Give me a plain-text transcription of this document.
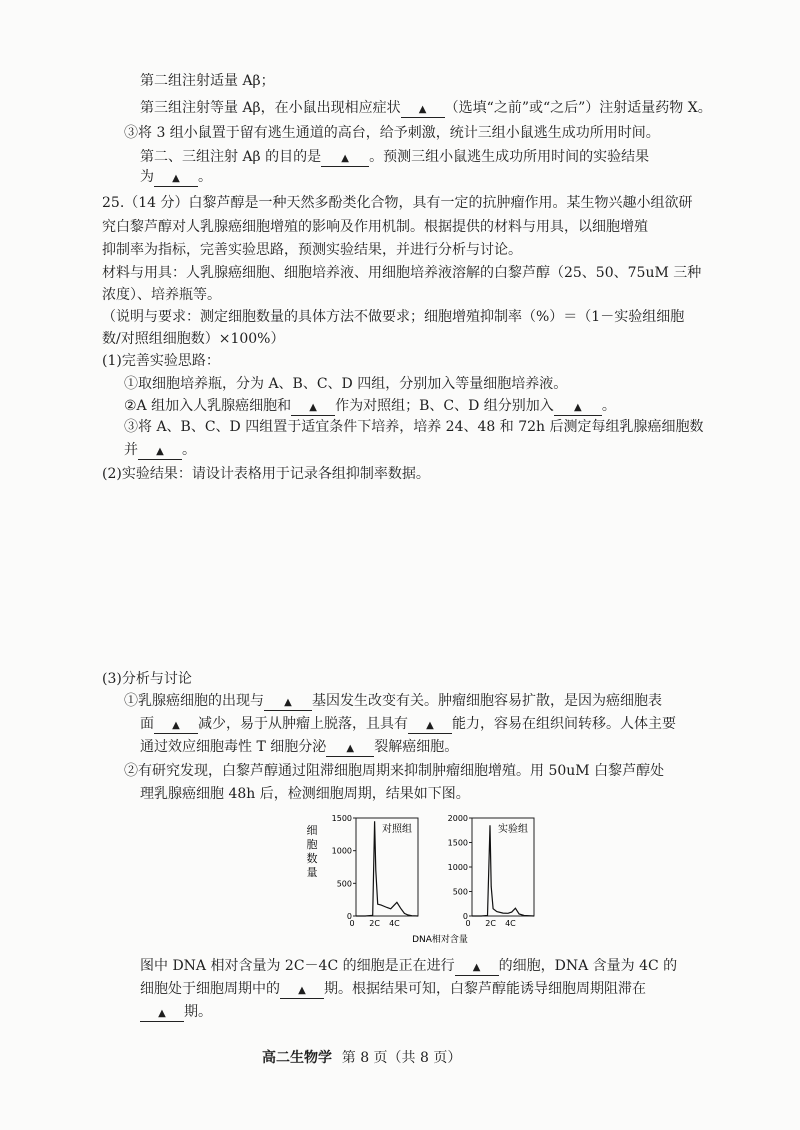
第二组注射适量 Aβ；
第三组注射等量 Aβ，在小鼠出现相应症状 ▲ （选填“之前”或“之后”）注射适量药物 X。
③将 3 组小鼠置于留有逃生通道的高台，给予刺激，统计三组小鼠逃生成功所用时间。
第二、三组注射 Aβ 的目的是 ▲ 。预测三组小鼠逃生成功所用时间的实验结果
为 ▲ 。
25.（14 分）白黎芦醇是一种天然多酚类化合物，具有一定的抗肿瘤作用。某生物兴趣小组欲研
究白黎芦醇对人乳腺癌细胞增殖的影响及作用机制。根据提供的材料与用具，以细胞增殖
抑制率为指标，完善实验思路，预测实验结果，并进行分析与讨论。
材料与用具：人乳腺癌细胞、细胞培养液、用细胞培养液溶解的白黎芦醇（25、50、75uM 三种
浓度）、培养瓶等。
（说明与要求：测定细胞数量的具体方法不做要求；细胞增殖抑制率（%）＝（1－实验组细胞
数/对照组细胞数）×100%）
(1)完善实验思路：
①取细胞培养瓶，分为 A、B、C、D 四组，分别加入等量细胞培养液。
②A 组加入人乳腺癌细胞和 ▲ 作为对照组；B、C、D 组分别加入 ▲ 。
③将 A、B、C、D 四组置于适宜条件下培养，培养 24、48 和 72h 后测定每组乳腺癌细胞数
并 ▲ 。
(2)实验结果：请设计表格用于记录各组抑制率数据。
(3)分析与讨论
①乳腺癌细胞的出现与 ▲ 基因发生改变有关。肿瘤细胞容易扩散，是因为癌细胞表
面 ▲ 减少，易于从肿瘤上脱落，且具有 ▲ 能力，容易在组织间转移。人体主要
通过效应细胞毒性 T 细胞分泌 ▲ 裂解癌细胞。
②有研究发现，白黎芦醇通过阻滞细胞周期来抑制肿瘤细胞增殖。用 50uM 白黎芦醇处
理乳腺癌细胞 48h 后，检测细胞周期，结果如下图。
细
胞
数
量
0
500
1000
1500
0 2C 4C
对照组
0
500
1000
1500
2000
0 2C 4C
实验组
DNA相对含量
图中 DNA 相对含量为 2C－4C 的细胞是正在进行 ▲ 的细胞，DNA 含量为 4C 的
细胞处于细胞周期中的 ▲ 期。根据结果可知，白黎芦醇能诱导细胞周期阻滞在
▲ 期。
高二生物学 第 8 页（共 8 页）
